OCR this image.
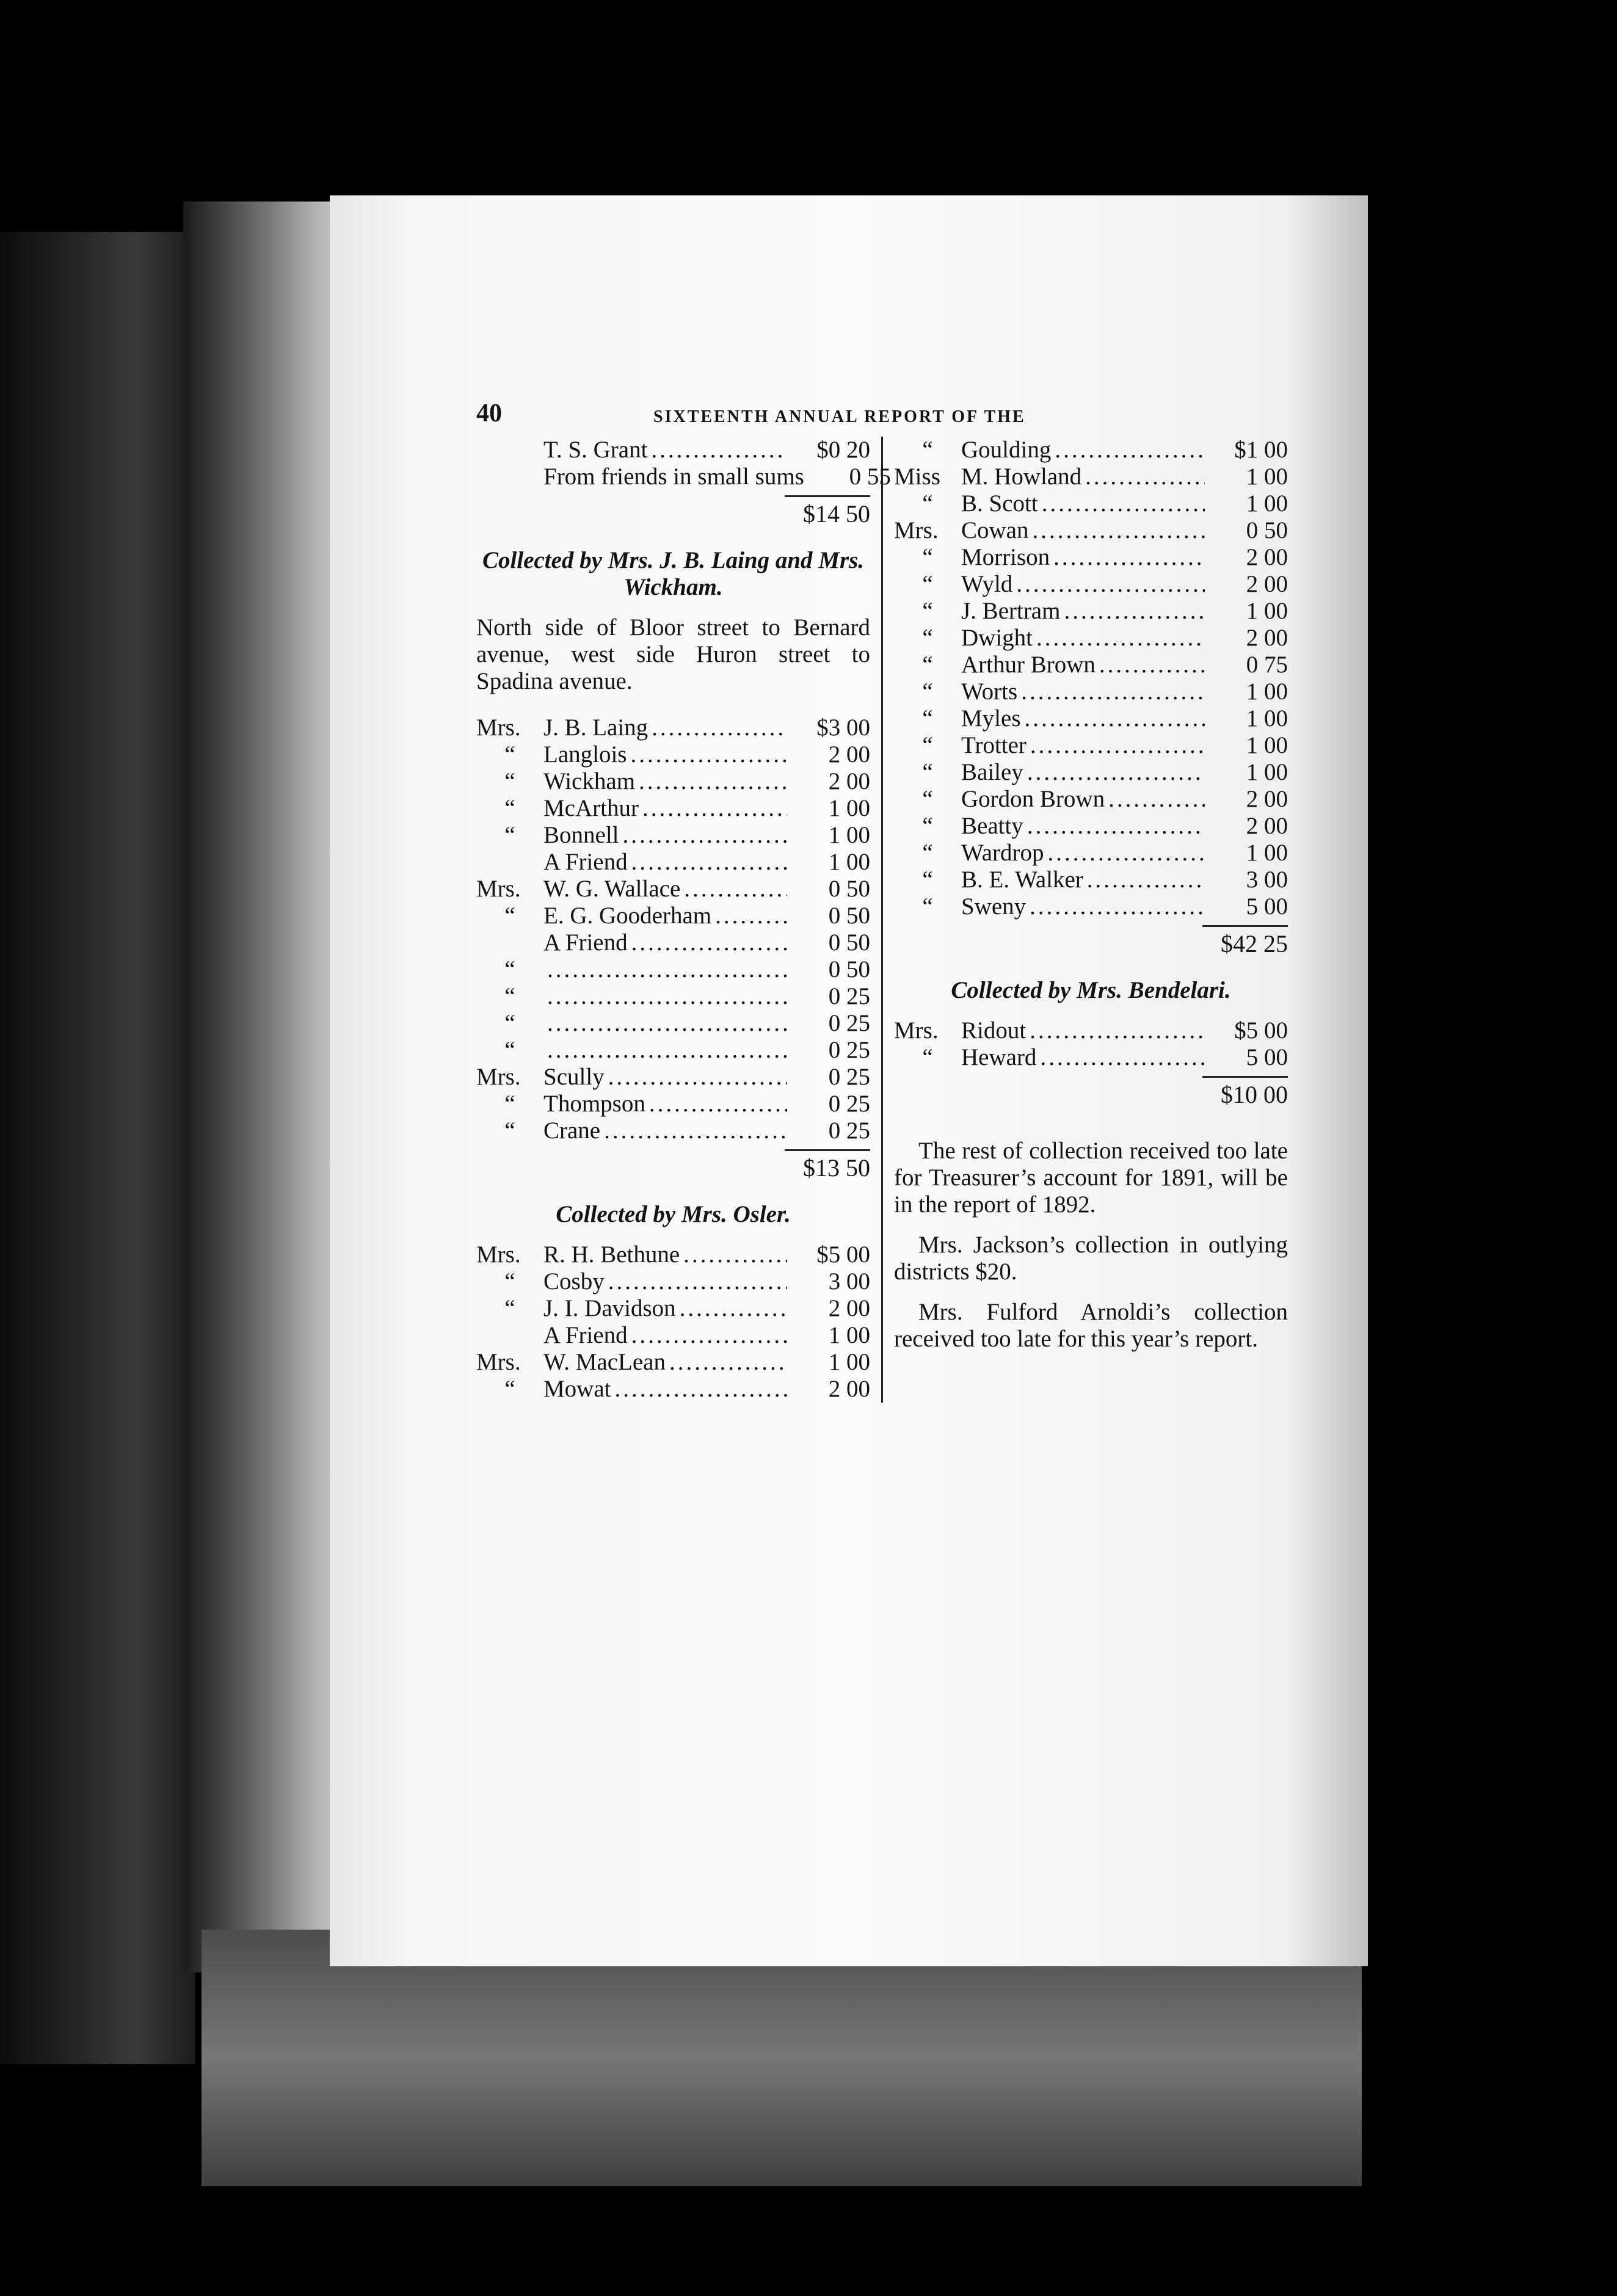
40	SIXTEENTH ANNUAL REPORT OF THE
T. S. Grant .....	$0 20
From friends in small sums	0 55
$14 50
Collected by Mrs. J. B. Laing and Mrs. Wickham.
North side of Bloor street to Bernard avenue, west side Huron street to Spadina avenue.
Mrs. J. B. Laing .....	$3 00
“	Langlois .....	2 00
“	Wickham .....	2 00
“	McArthur .....	1 00
“	Bonnell .....	1 00
A Friend .....	1 00
Mrs. W. G. Wallace .....	0 50
“	E. G. Gooderham .....	0 50
A Friend .....	0 50
“ .....	0 50
“ .....	0 25
“ .....	0 25
“ .....	0 25
Mrs. Scully .....	0 25
“	Thompson .....	0 25
“	Crane .....	0 25
$13 50
Collected by Mrs. Osler.
Mrs. R. H. Bethune .....	$5 00
“	Cosby .....	3 00
“	J. I. Davidson .....	2 00
A Friend .....	1 00
Mrs. W. MacLean .....	1 00
“	Mowat .....	2 00
“	Goulding .....	$1 00
Miss M. Howland .....	1 00
“	B. Scott .....	1 00
Mrs. Cowan .....	0 50
“	Morrison .....	2 00
“	Wyld .....	2 00
“	J. Bertram .....	1 00
“	Dwight .....	2 00
“	Arthur Brown .....	0 75
“	Worts .....	1 00
“	Myles .....	1 00
“	Trotter .....	1 00
“	Bailey .....	1 00
“	Gordon Brown .....	2 00
“	Beatty .....	2 00
“	Wardrop .....	1 00
“	B. E. Walker .....	3 00
“	Sweny .....	5 00
$42 25
Collected by Mrs. Bendelari.
Mrs. Ridout .....	$5 00
“	Heward .....	5 00
$10 00
The rest of collection received too late for Treasurer’s account for 1891, will be in the report of 1892.
Mrs. Jackson’s collection in outlying districts $20.
Mrs. Fulford Arnoldi’s collection received too late for this year’s report.
